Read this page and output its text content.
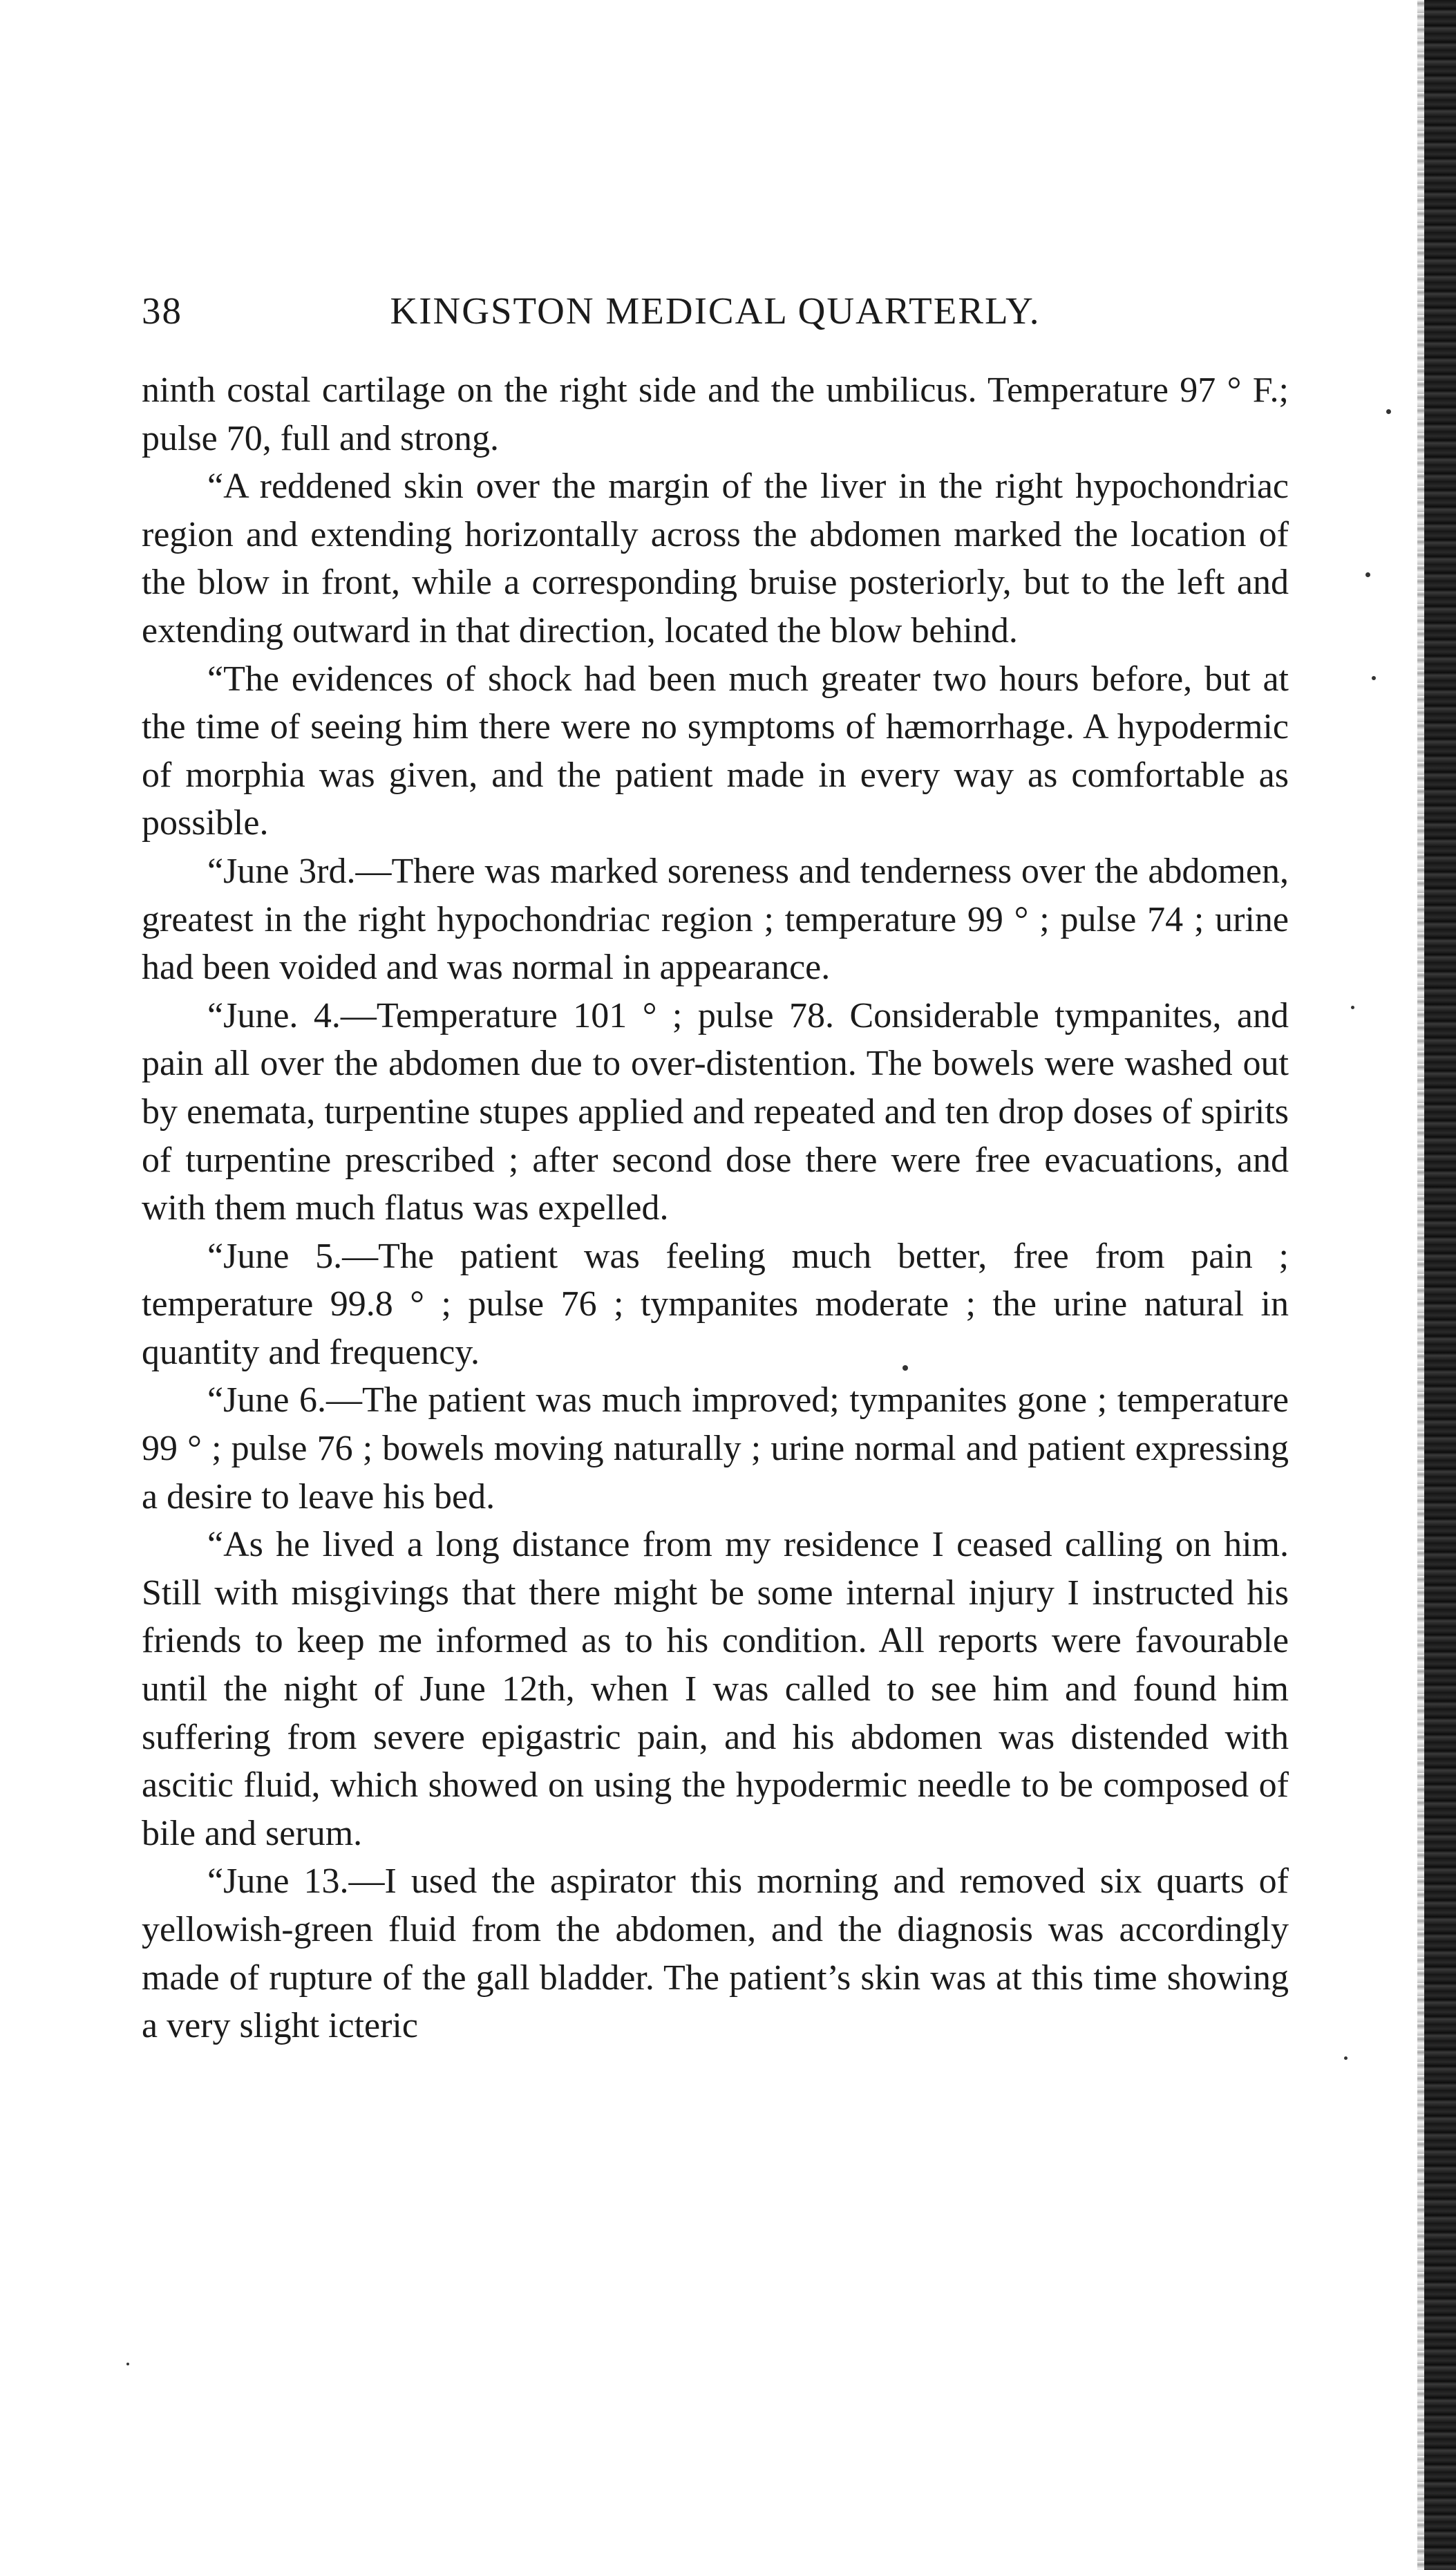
38	KINGSTON MEDICAL QUARTERLY.

ninth costal cartilage on the right side and the umbilicus. Temperature 97 ° F.; pulse 70, full and strong.

“A reddened skin over the margin of the liver in the right hypochondriac region and extending horizontally across the abdomen marked the location of the blow in front, while a corresponding bruise posteriorly, but to the left and extending outward in that direction, located the blow behind.

“The evidences of shock had been much greater two hours before, but at the time of seeing him there were no symptoms of hæmorrhage. A hypodermic of morphia was given, and the patient made in every way as comfortable as possible.

“June 3rd.—There was marked soreness and tenderness over the abdomen, greatest in the right hypochondriac region ; temperature 99 ° ; pulse 74 ; urine had been voided and was normal in appearance.

“June. 4.—Temperature 101 ° ; pulse 78. Considerable tympanites, and pain all over the abdomen due to over-distention. The bowels were washed out by enemata, turpentine stupes applied and repeated and ten drop doses of spirits of turpentine prescribed ; after second dose there were free evacuations, and with them much flatus was expelled.

“June 5.—The patient was feeling much better, free from pain ; temperature 99.8 ° ; pulse 76 ; tympanites moderate ; the urine natural in quantity and frequency.

“June 6.—The patient was much improved; tympanites gone ; temperature 99 ° ; pulse 76 ; bowels moving naturally ; urine normal and patient expressing a desire to leave his bed.

“As he lived a long distance from my residence I ceased calling on him. Still with misgivings that there might be some internal injury I instructed his friends to keep me informed as to his condition. All reports were favourable until the night of June 12th, when I was called to see him and found him suffering from severe epigastric pain, and his abdomen was distended with ascitic fluid, which showed on using the hypodermic needle to be composed of bile and serum.

“June 13.—I used the aspirator this morning and removed six quarts of yellowish-green fluid from the abdomen, and the diagnosis was accordingly made of rupture of the gall bladder. The patient’s skin was at this time showing a very slight icteric
